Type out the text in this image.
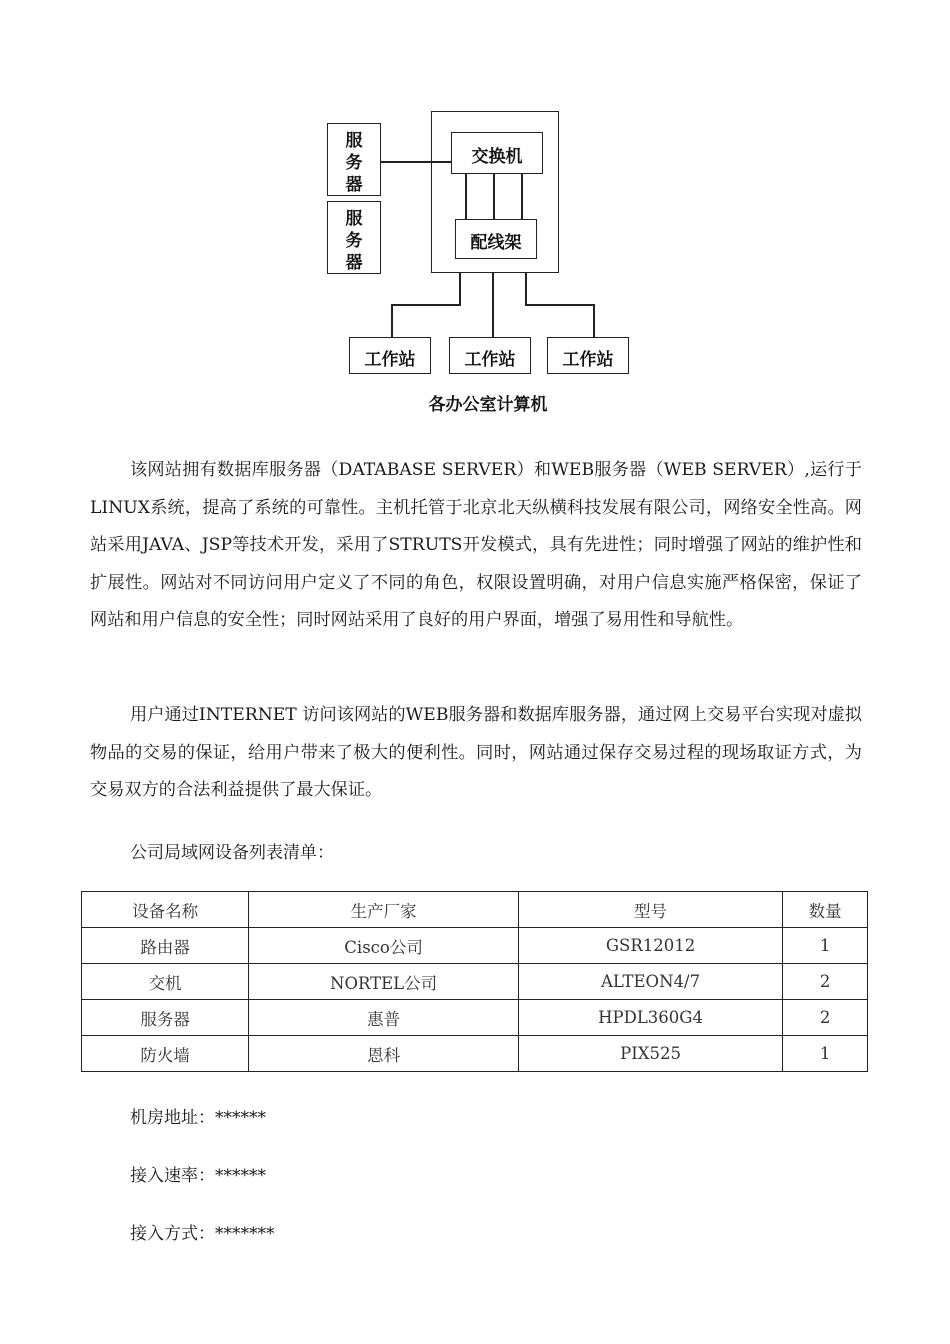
服务器
服务器
交换机
配线架
工作站	工作站	工作站
各办公室计算机
该网站拥有数据库服务器（DATABASE SERVER）和WEB服务器（WEB SERVER）,运行于LINUX系统，提高了系统的可靠性。主机托管于北京北天纵横科技发展有限公司，网络安全性高。网站采用JAVA、JSP等技术开发，采用了STRUTS开发模式，具有先进性；同时增强了网站的维护性和扩展性。网站对不同访问用户定义了不同的角色，权限设置明确，对用户信息实施严格保密，保证了网站和用户信息的安全性；同时网站采用了良好的用户界面，增强了易用性和导航性。
用户通过INTERNET 访问该网站的WEB服务器和数据库服务器，通过网上交易平台实现对虚拟物品的交易的保证，给用户带来了极大的便利性。同时，网站通过保存交易过程的现场取证方式，为交易双方的合法利益提供了最大保证。
公司局域网设备列表清单：
设备名称	生产厂家	型号	数量
路由器	Cisco公司	GSR12012	1
交机	NORTEL公司	ALTEON4/7	2
服务器	惠普	HPDL360G4	2
防火墙	恩科	PIX525	1
机房地址：******
接入速率：******
接入方式：*******
